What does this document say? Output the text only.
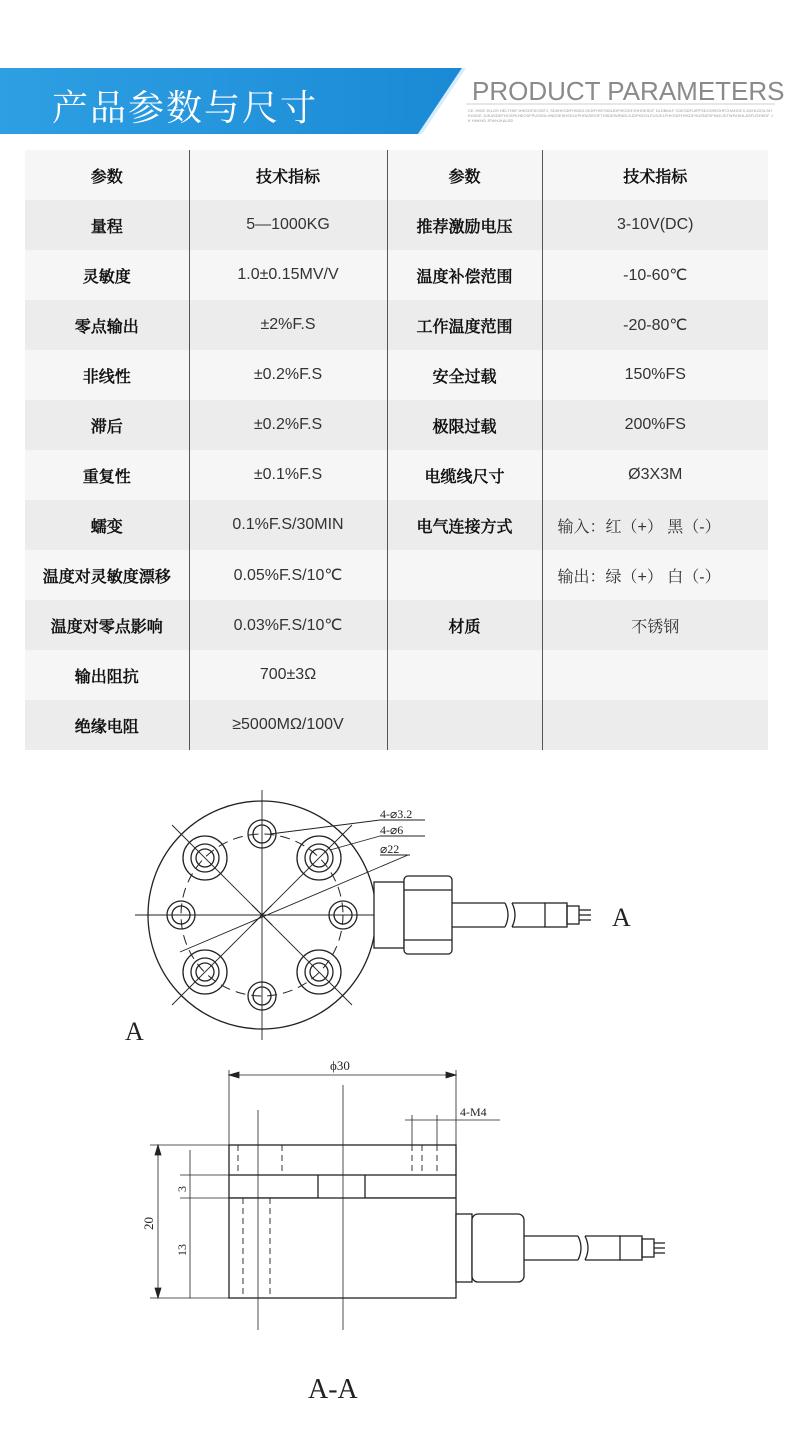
产品参数与尺寸	PRODUCT PARAMETERS
CE JHDE JKLDS HELTHKFJHKSDFJKSDFJ, SDKHKSDFHSDKLSKDFHSFSKNJDFHKSDFJHHOKSDF DLDBMLF CDKSDFUIFPSEJGHEDHFCHAHCE ILDKHLDISLSHKHSDE JUKASDEFHOSPKHEOSFPUSSHLHNDSESHSDLKPHRASESIFTHSDKWRNDLKJDFKIDSLFUSJKLFHKSDFHSKDFHUSNESFNKKJKTWFASHLASFUSHKDF JK HHKHD JFWHJKALSD
参数	技术指标	参数	技术指标
量程	5—1000KG	推荐激励电压	3-10V(DC)
灵敏度	1.0±0.15MV/V	温度补偿范围	-10-60℃
零点输出	±2%F.S	工作温度范围	-20-80℃
非线性	±0.2%F.S	安全过载	150%FS
滞后	±0.2%F.S	极限过载	200%FS
重复性	±0.1%F.S	电缆线尺寸	Ø3X3M
蠕变	0.1%F.S/30MIN	电气连接方式	输入：红（+） 黑（-）
温度对灵敏度漂移	0.05%F.S/10℃		输出：绿（+） 白（-）
温度对零点影响	0.03%F.S/10℃	材质	不锈钢
输出阻抗	700±3Ω		
绝缘电阻	≥5000MΩ/100V		
4-⌀3.2
4-⌀6
⌀22
A
A
ϕ30
4-M4
20
3
13
A-A
